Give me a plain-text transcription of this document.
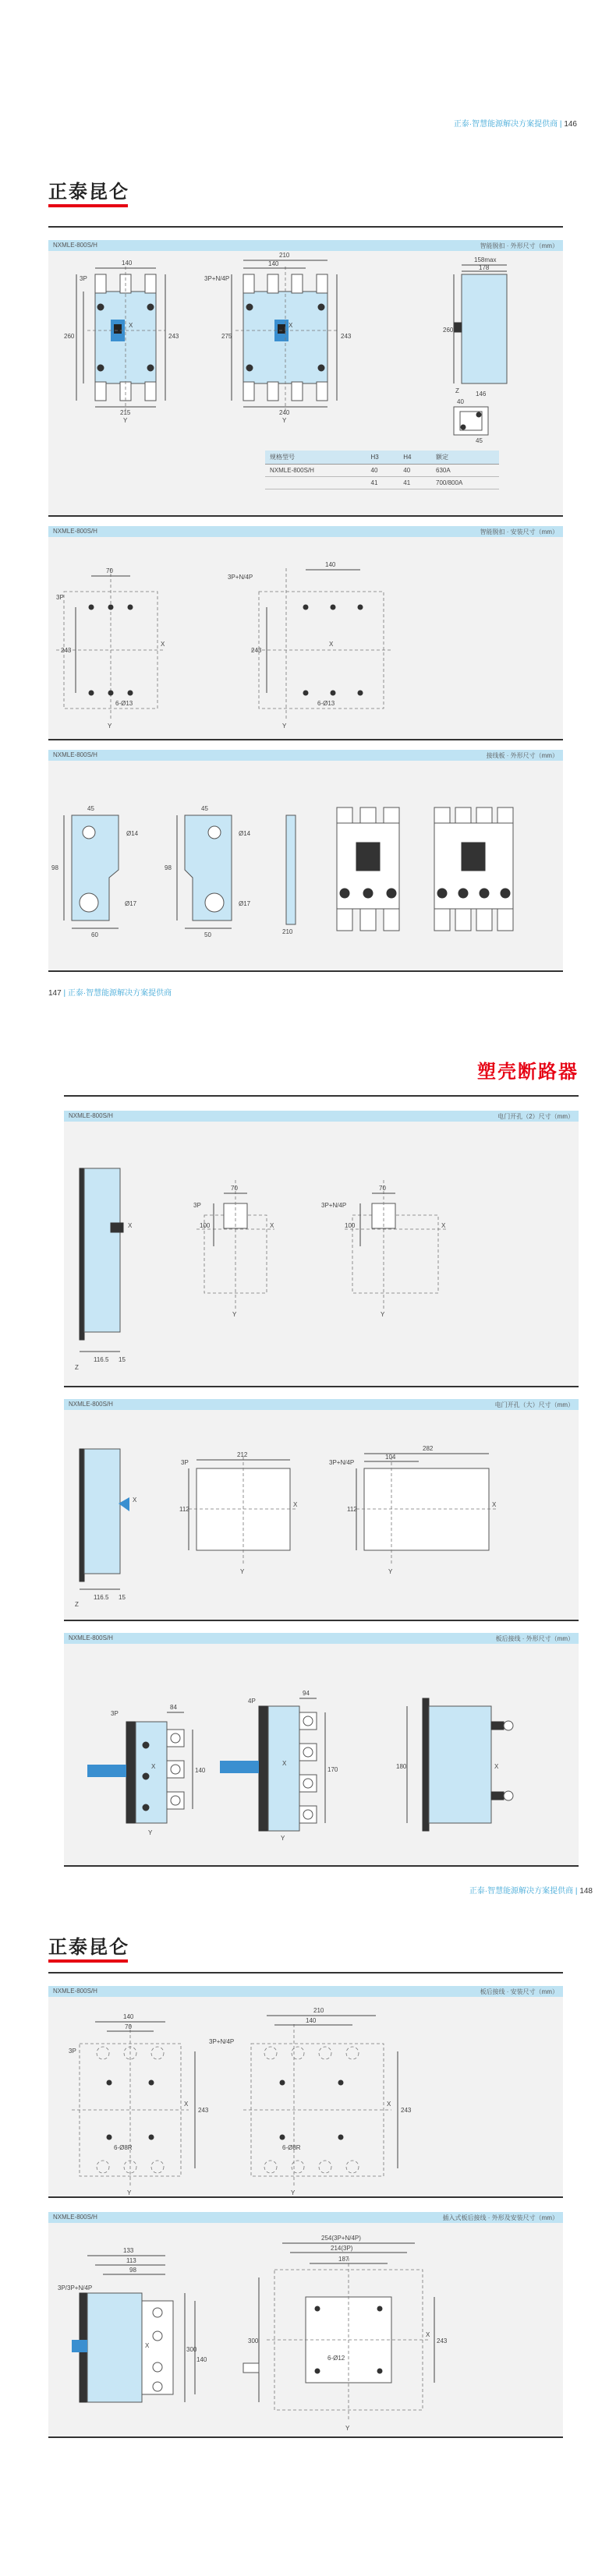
正泰·智慧能源解决方案提供商 | 146
正泰昆仑
NXMLE-800S/H	智能脱扣 · 外形尺寸（mm）
140
215
260	243
3P
X
Y
210
140
240
275	243
3P+N/4P
X
Y
158max
178
260
146
40
45
Z
规格型号	H3	H4	额定
NXMLE-800S/H	40	40	630A
	41	41	700/800A
NXMLE-800S/H	智能脱扣 · 安装尺寸（mm）
70
243
6-Ø13
3P
X
Y
140
243
6-Ø13
3P+N/4P
X
Y
NXMLE-800S/H	接线板 · 外形尺寸（mm）
45
Ø14
Ø17
60
98
45
Ø14
Ø17
50
98
210
147 | 正泰·智慧能源解决方案提供商
塑壳断路器
NXMLE-800S/H	电门开孔（2）尺寸（mm）
116.5 15
X
Z
70
100
3P
X
Y
70
100
3P+N/4P
X
Y
NXMLE-800S/H	电门开孔（大）尺寸（mm）
116.5 15
X
Z
212
112
3P
X
Y
282
104
112
3P+N/4P
X
Y
NXMLE-800S/H	板后接线 · 外形尺寸（mm）
84
140
3P
X
Y
94
170
4P
X
Y
180	X
正泰·智慧能源解决方案提供商 | 148
正泰昆仑
NXMLE-800S/H	板后接线 · 安装尺寸（mm）
140
70
243
6-Ø8R
3P
X
Y
210
140
243
6-Ø8R
3P+N/4P
X
Y
NXMLE-800S/H	插入式板后接线 · 外形及安装尺寸（mm）
133
113
98
300
140
3P/3P+N/4P
X
254(3P+N/4P)
214(3P)
187
300	243
6-Ø12
X
Y
